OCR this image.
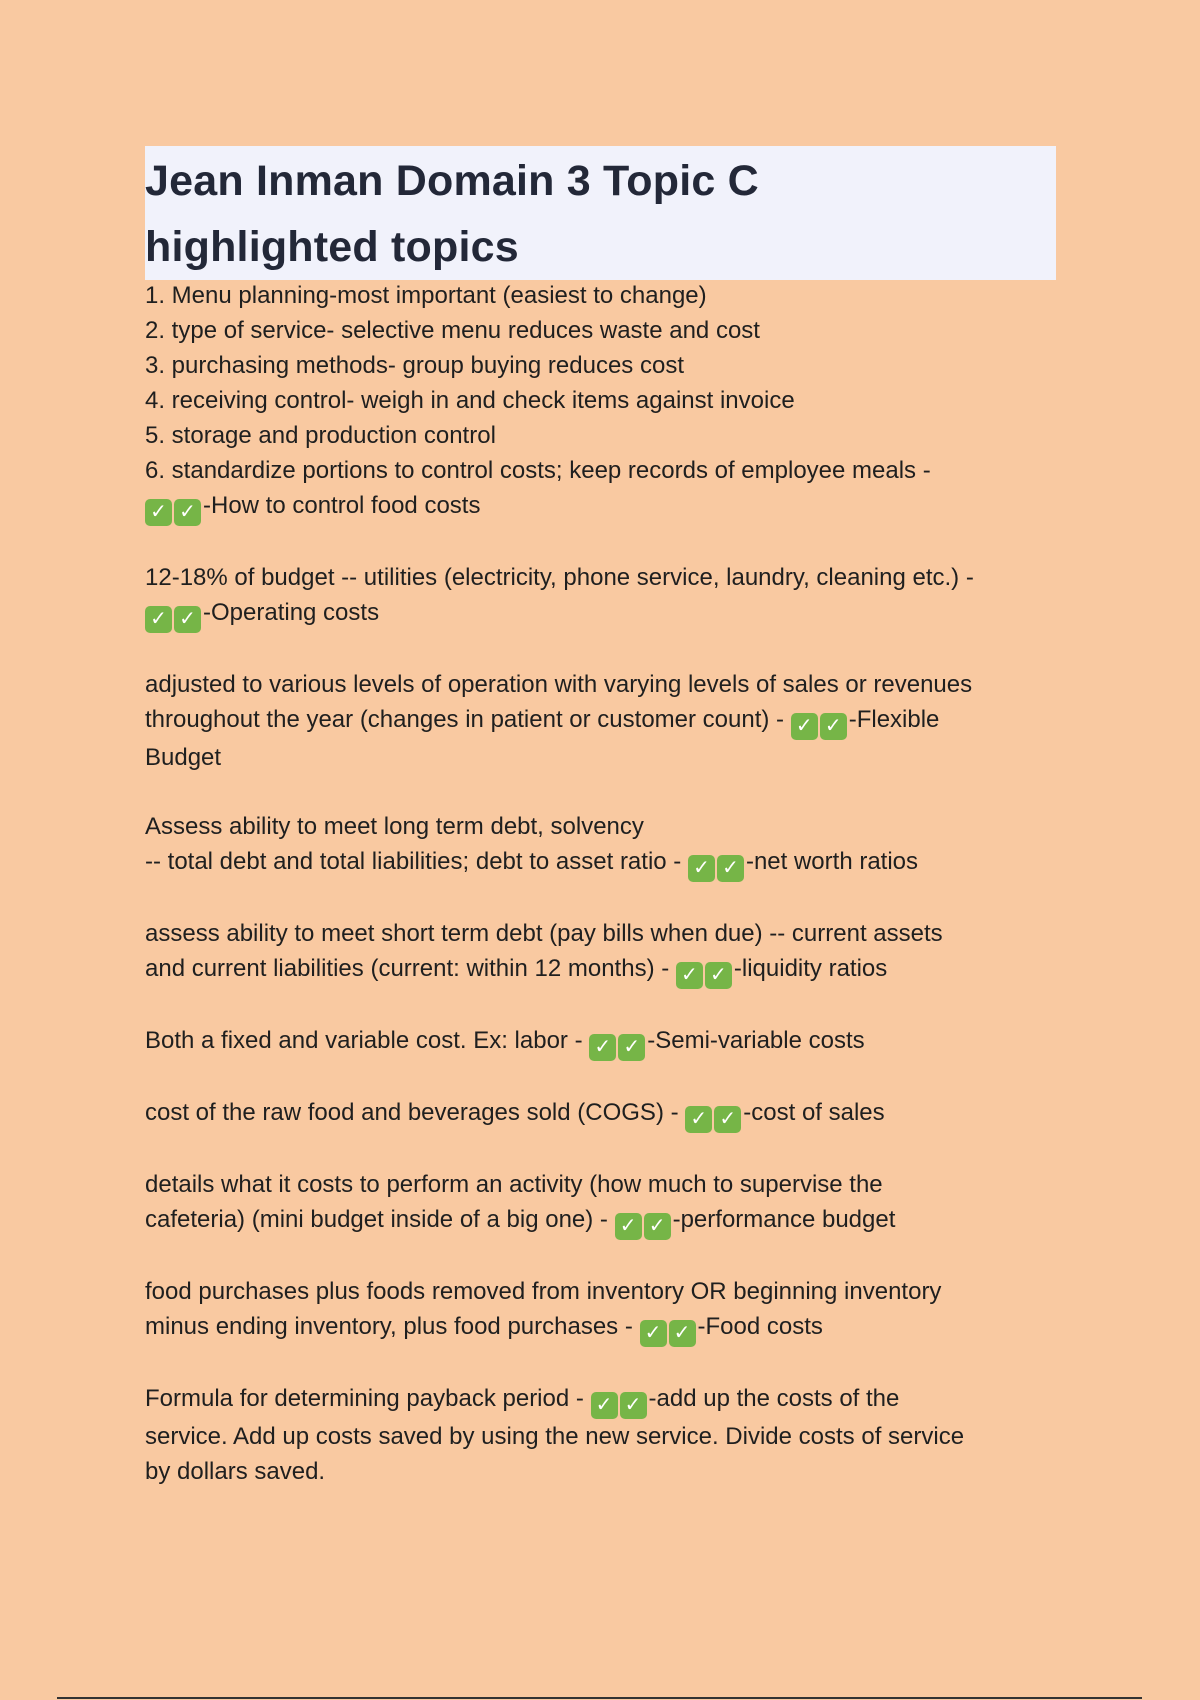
Jean Inman Domain 3 Topic C
highlighted topics
1. Menu planning-most important (easiest to change)
2. type of service- selective menu reduces waste and cost
3. purchasing methods- group buying reduces cost
4. receiving control- weigh in and check items against invoice
5. storage and production control
6. standardize portions to control costs; keep records of employee meals -
✓ ✓ -How to control food costs
12-18% of budget -- utilities (electricity, phone service, laundry, cleaning etc.) -
✓ ✓ -Operating costs
adjusted to various levels of operation with varying levels of sales or revenues
throughout the year (changes in patient or customer count) - ✓ ✓ -Flexible
Budget
Assess ability to meet long term debt, solvency
-- total debt and total liabilities; debt to asset ratio - ✓ ✓ -net worth ratios
assess ability to meet short term debt (pay bills when due) -- current assets
and current liabilities (current: within 12 months) - ✓ ✓ -liquidity ratios
Both a fixed and variable cost. Ex: labor - ✓ ✓ -Semi-variable costs
cost of the raw food and beverages sold (COGS) - ✓ ✓ -cost of sales
details what it costs to perform an activity (how much to supervise the
cafeteria) (mini budget inside of a big one) - ✓ ✓ -performance budget
food purchases plus foods removed from inventory OR beginning inventory
minus ending inventory, plus food purchases - ✓ ✓ -Food costs
Formula for determining payback period - ✓ ✓ -add up the costs of the
service. Add up costs saved by using the new service. Divide costs of service
by dollars saved.
